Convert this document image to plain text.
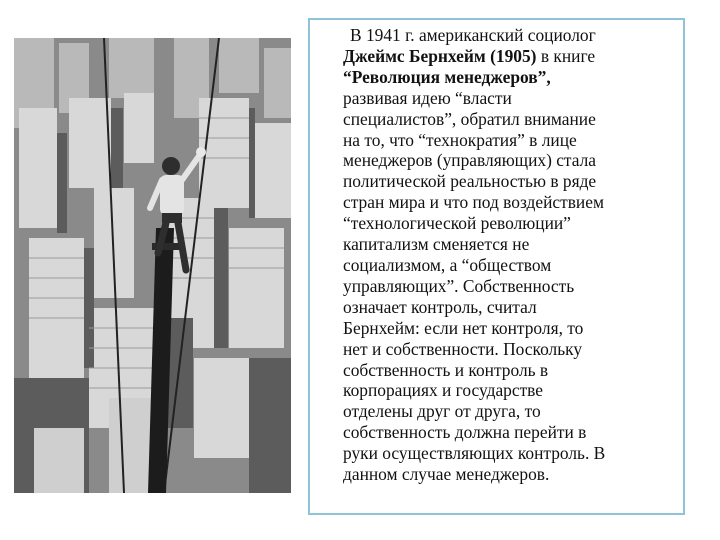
В 1941 г. американский социолог
Джеймс Бернхейм (1905) в книге
“Революция менеджеров”,
развивая идею “власти
специалистов”, обратил внимание
на то, что “технократия” в лице
менеджеров (управляющих) стала
политической реальностью в ряде
стран мира и что под воздействием
“технологической революции”
капитализм сменяется не
социализмом, а “обществом
управляющих”. Собственность
означает контроль, считал
Бернхейм: если нет контроля, то
нет и собственности. Поскольку
собственность и контроль в
корпорациях и государстве
отделены друг от друга, то
собственность должна перейти в
руки осуществляющих контроль. В
данном случае менеджеров.
